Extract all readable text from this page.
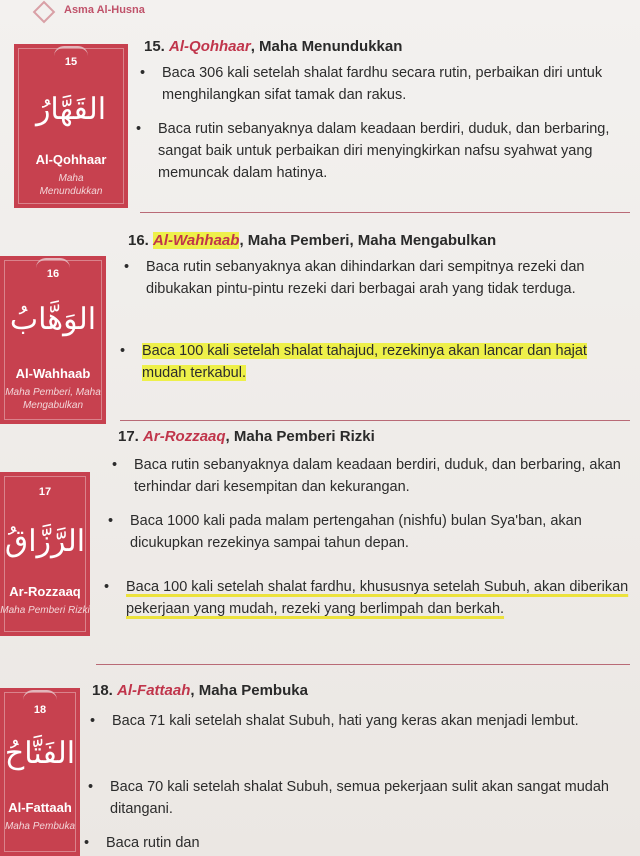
Asma Al-Husna
15
القَهَّارُ
Al-Qohhaar
Maha Menundukkan
16
الوَهَّابُ
Al-Wahhaab
Maha Pemberi, Maha Mengabulkan
17
الرَّزَّاقُ
Ar-Rozzaaq
Maha Pemberi Rizki
18
الفَتَّاحُ
Al-Fattaah
Maha Pembuka
15. Al-Qohhaar, Maha Menundukkan
• Baca 306 kali setelah shalat fardhu secara rutin, perbaikan diri untuk menghilangkan sifat tamak dan rakus.
• Baca rutin sebanyaknya dalam keadaan berdiri, duduk, dan berbaring, sangat baik untuk perbaikan diri menyingkirkan nafsu syahwat yang memuncak dalam hatinya.
16. Al-Wahhaab, Maha Pemberi, Maha Mengabulkan
• Baca rutin sebanyaknya akan dihindarkan dari sempitnya rezeki dan dibukakan pintu-pintu rezeki dari berbagai arah yang tidak terduga.
• Baca 100 kali setelah shalat tahajud, rezekinya akan lancar dan hajat mudah terkabul.
17. Ar-Rozzaaq, Maha Pemberi Rizki
• Baca rutin sebanyaknya dalam keadaan berdiri, duduk, dan berbaring, akan terhindar dari kesempitan dan kekurangan.
• Baca 1000 kali pada malam pertengahan (nishfu) bulan Sya'ban, akan dicukupkan rezekinya sampai tahun depan.
• Baca 100 kali setelah shalat fardhu, khususnya setelah Subuh, akan diberikan pekerjaan yang mudah, rezeki yang berlimpah dan berkah.
18. Al-Fattaah, Maha Pembuka
• Baca 71 kali setelah shalat Subuh, hati yang keras akan menjadi lembut.
• Baca 70 kali setelah shalat Subuh, semua pekerjaan sulit akan sangat mudah ditangani.
• Baca rutin dan
